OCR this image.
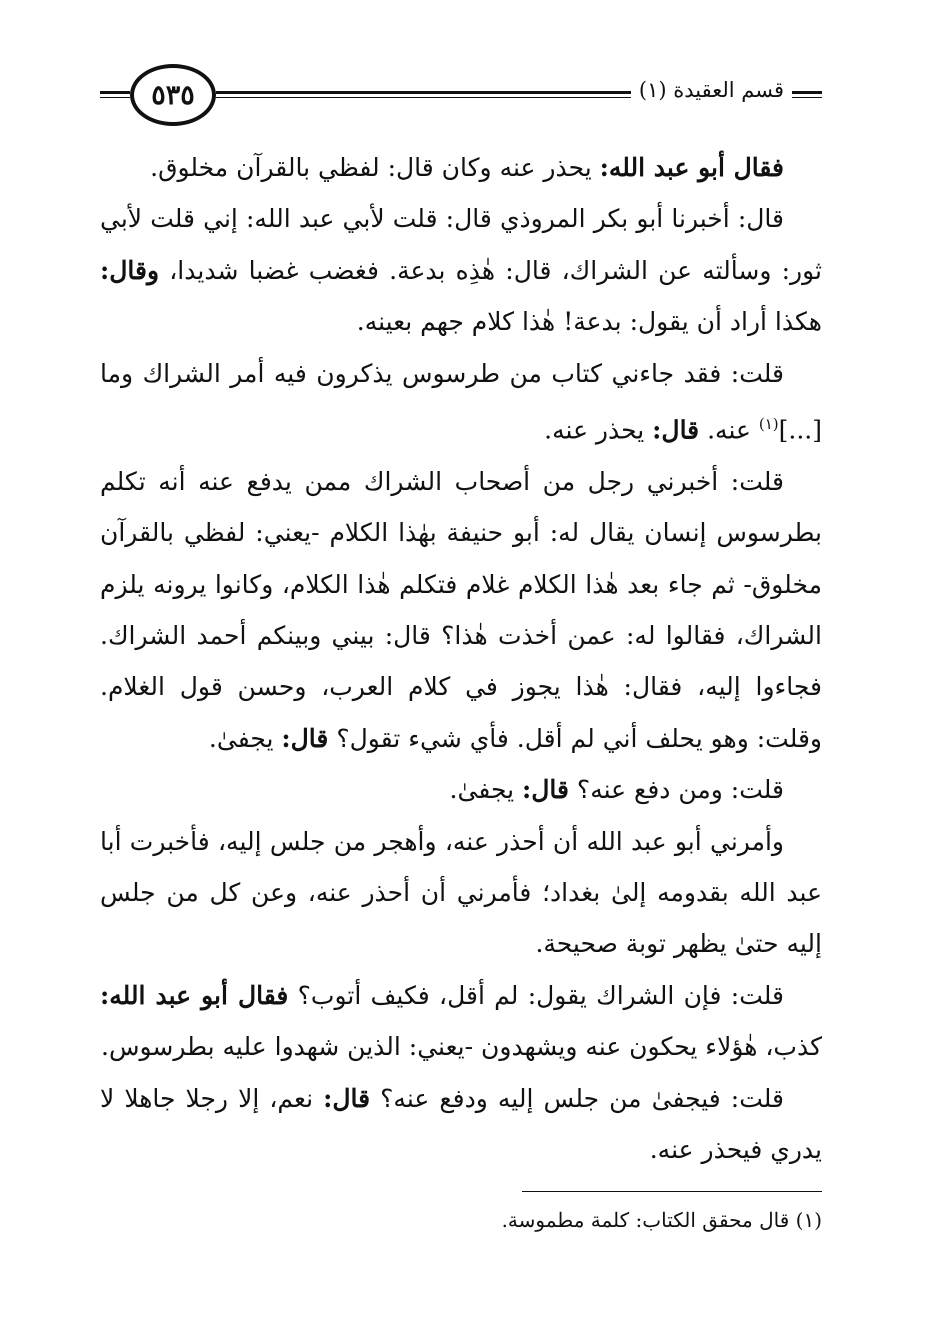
٥٣٥	قسم العقيدة (١)

فقال أبو عبد الله: يحذر عنه وكان قال: لفظي بالقرآن مخلوق.

قال: أخبرنا أبو بكر المروذي قال: قلت لأبي عبد الله: إني قلت لأبي ثور: وسألته عن الشراك، قال: هٰذِه بدعة. فغضب غضبا شديدا، وقال: هكذا أراد أن يقول: بدعة! هٰذا كلام جهم بعينه.

قلت: فقد جاءني كتاب من طرسوس يذكرون فيه أمر الشراك وما [...]$^{(١)}$ عنه. قال: يحذر عنه.

قلت: أخبرني رجل من أصحاب الشراك ممن يدفع عنه أنه تكلم بطرسوس إنسان يقال له: أبو حنيفة بهٰذا الكلام -يعني: لفظي بالقرآن مخلوق- ثم جاء بعد هٰذا الكلام غلام فتكلم هٰذا الكلام، وكانوا يرونه يلزم الشراك، فقالوا له: عمن أخذت هٰذا؟ قال: بيني وبينكم أحمد الشراك. فجاءوا إليه، فقال: هٰذا يجوز في كلام العرب، وحسن قول الغلام. وقلت: وهو يحلف أني لم أقل. فأي شيء تقول؟ قال: يجفىٰ.

قلت: ومن دفع عنه؟ قال: يجفىٰ.

وأمرني أبو عبد الله أن أحذر عنه، وأهجر من جلس إليه، فأخبرت أبا عبد الله بقدومه إلىٰ بغداد؛ فأمرني أن أحذر عنه، وعن كل من جلس إليه حتىٰ يظهر توبة صحيحة.

قلت: فإن الشراك يقول: لم أقل، فكيف أتوب؟ فقال أبو عبد الله: كذب، هٰؤلاء يحكون عنه ويشهدون -يعني: الذين شهدوا عليه بطرسوس.

قلت: فيجفىٰ من جلس إليه ودفع عنه؟ قال: نعم، إلا رجلا جاهلا لا يدري فيحذر عنه.

(١) قال محقق الكتاب: كلمة مطموسة.
